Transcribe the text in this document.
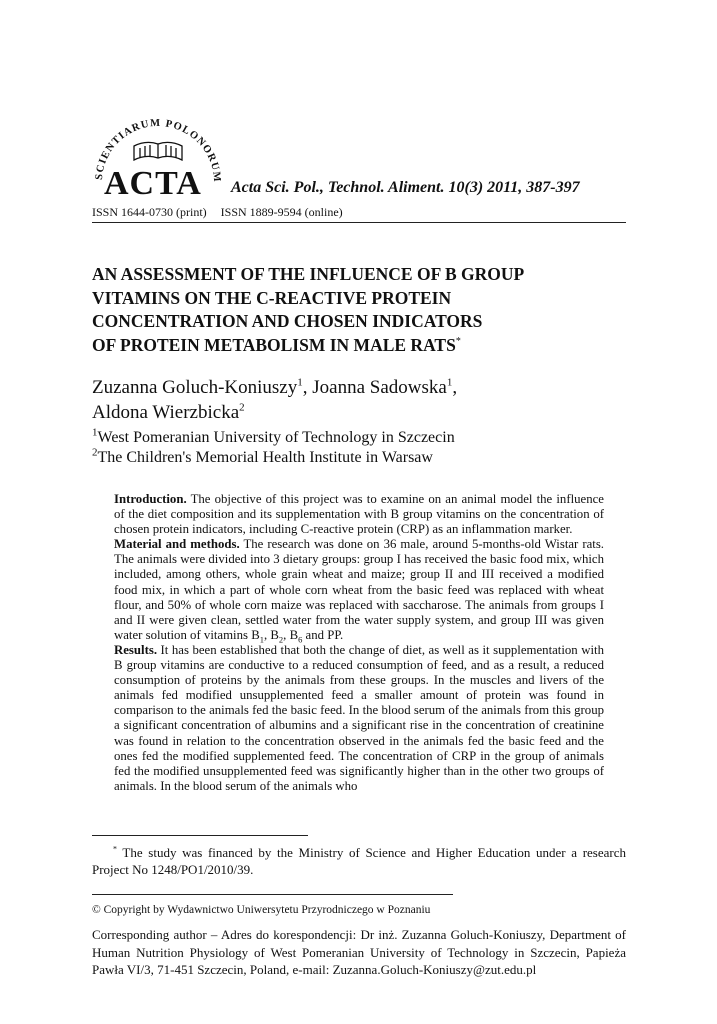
SCIENTIARUM POLONORUM
ACTA Acta Sci. Pol., Technol. Aliment. 10(3) 2011, 387-397
ISSN 1644-0730 (print) ISSN 1889-9594 (online)
AN ASSESSMENT OF THE INFLUENCE OF B GROUP
VITAMINS ON THE C-REACTIVE PROTEIN
CONCENTRATION AND CHOSEN INDICATORS
OF PROTEIN METABOLISM IN MALE RATS*
Zuzanna Goluch-Koniuszy$^1$, Joanna Sadowska$^1$,
Aldona Wierzbicka$^2$
$^1$West Pomeranian University of Technology in Szczecin
$^2$The Children's Memorial Health Institute in Warsaw

Introduction. The objective of this project was to examine on an animal model the influence of the diet composition and its supplementation with B group vitamins on the concentration of chosen protein indicators, including C-reactive protein (CRP) as an inflammation marker.

Material and methods. The research was done on 36 male, around 5-months-old Wistar rats. The animals were divided into 3 dietary groups: group I has received the basic food mix, which included, among others, whole grain wheat and maize; group II and III received a modified food mix, in which a part of whole corn wheat from the basic feed was replaced with wheat flour, and 50% of whole corn maize was replaced with saccharose. The animals from groups I and II were given clean, settled water from the water supply system, and group III was given water solution of vitamins $B_1$, $B_2$, $B_6$ and PP.

Results. It has been established that both the change of diet, as well as it supplementation with B group vitamins are conductive to a reduced consumption of feed, and as a result, a reduced consumption of proteins by the animals from these groups. In the muscles and livers of the animals fed modified unsupplemented feed a smaller amount of protein was found in comparison to the animals fed the basic feed. In the blood serum of the animals from this group a significant concentration of albumins and a significant rise in the concentration of creatinine was found in relation to the concentration observed in the animals fed the basic feed and the ones fed the modified supplemented feed. The concentration of CRP in the group of animals fed the modified unsupplemented feed was significantly higher than in the other two groups of animals. In the blood serum of the animals who

* The study was financed by the Ministry of Science and Higher Education under a research Project No 1248/PO1/2010/39.
© Copyright by Wydawnictwo Uniwersytetu Przyrodniczego w Poznaniu
Corresponding author – Adres do korespondencji: Dr inż. Zuzanna Goluch-Koniuszy, Department of Human Nutrition Physiology of West Pomeranian University of Technology in Szczecin, Papieża Pawła VI/3, 71-451 Szczecin, Poland, e-mail: Zuzanna.Goluch-Koniuszy@zut.edu.pl
